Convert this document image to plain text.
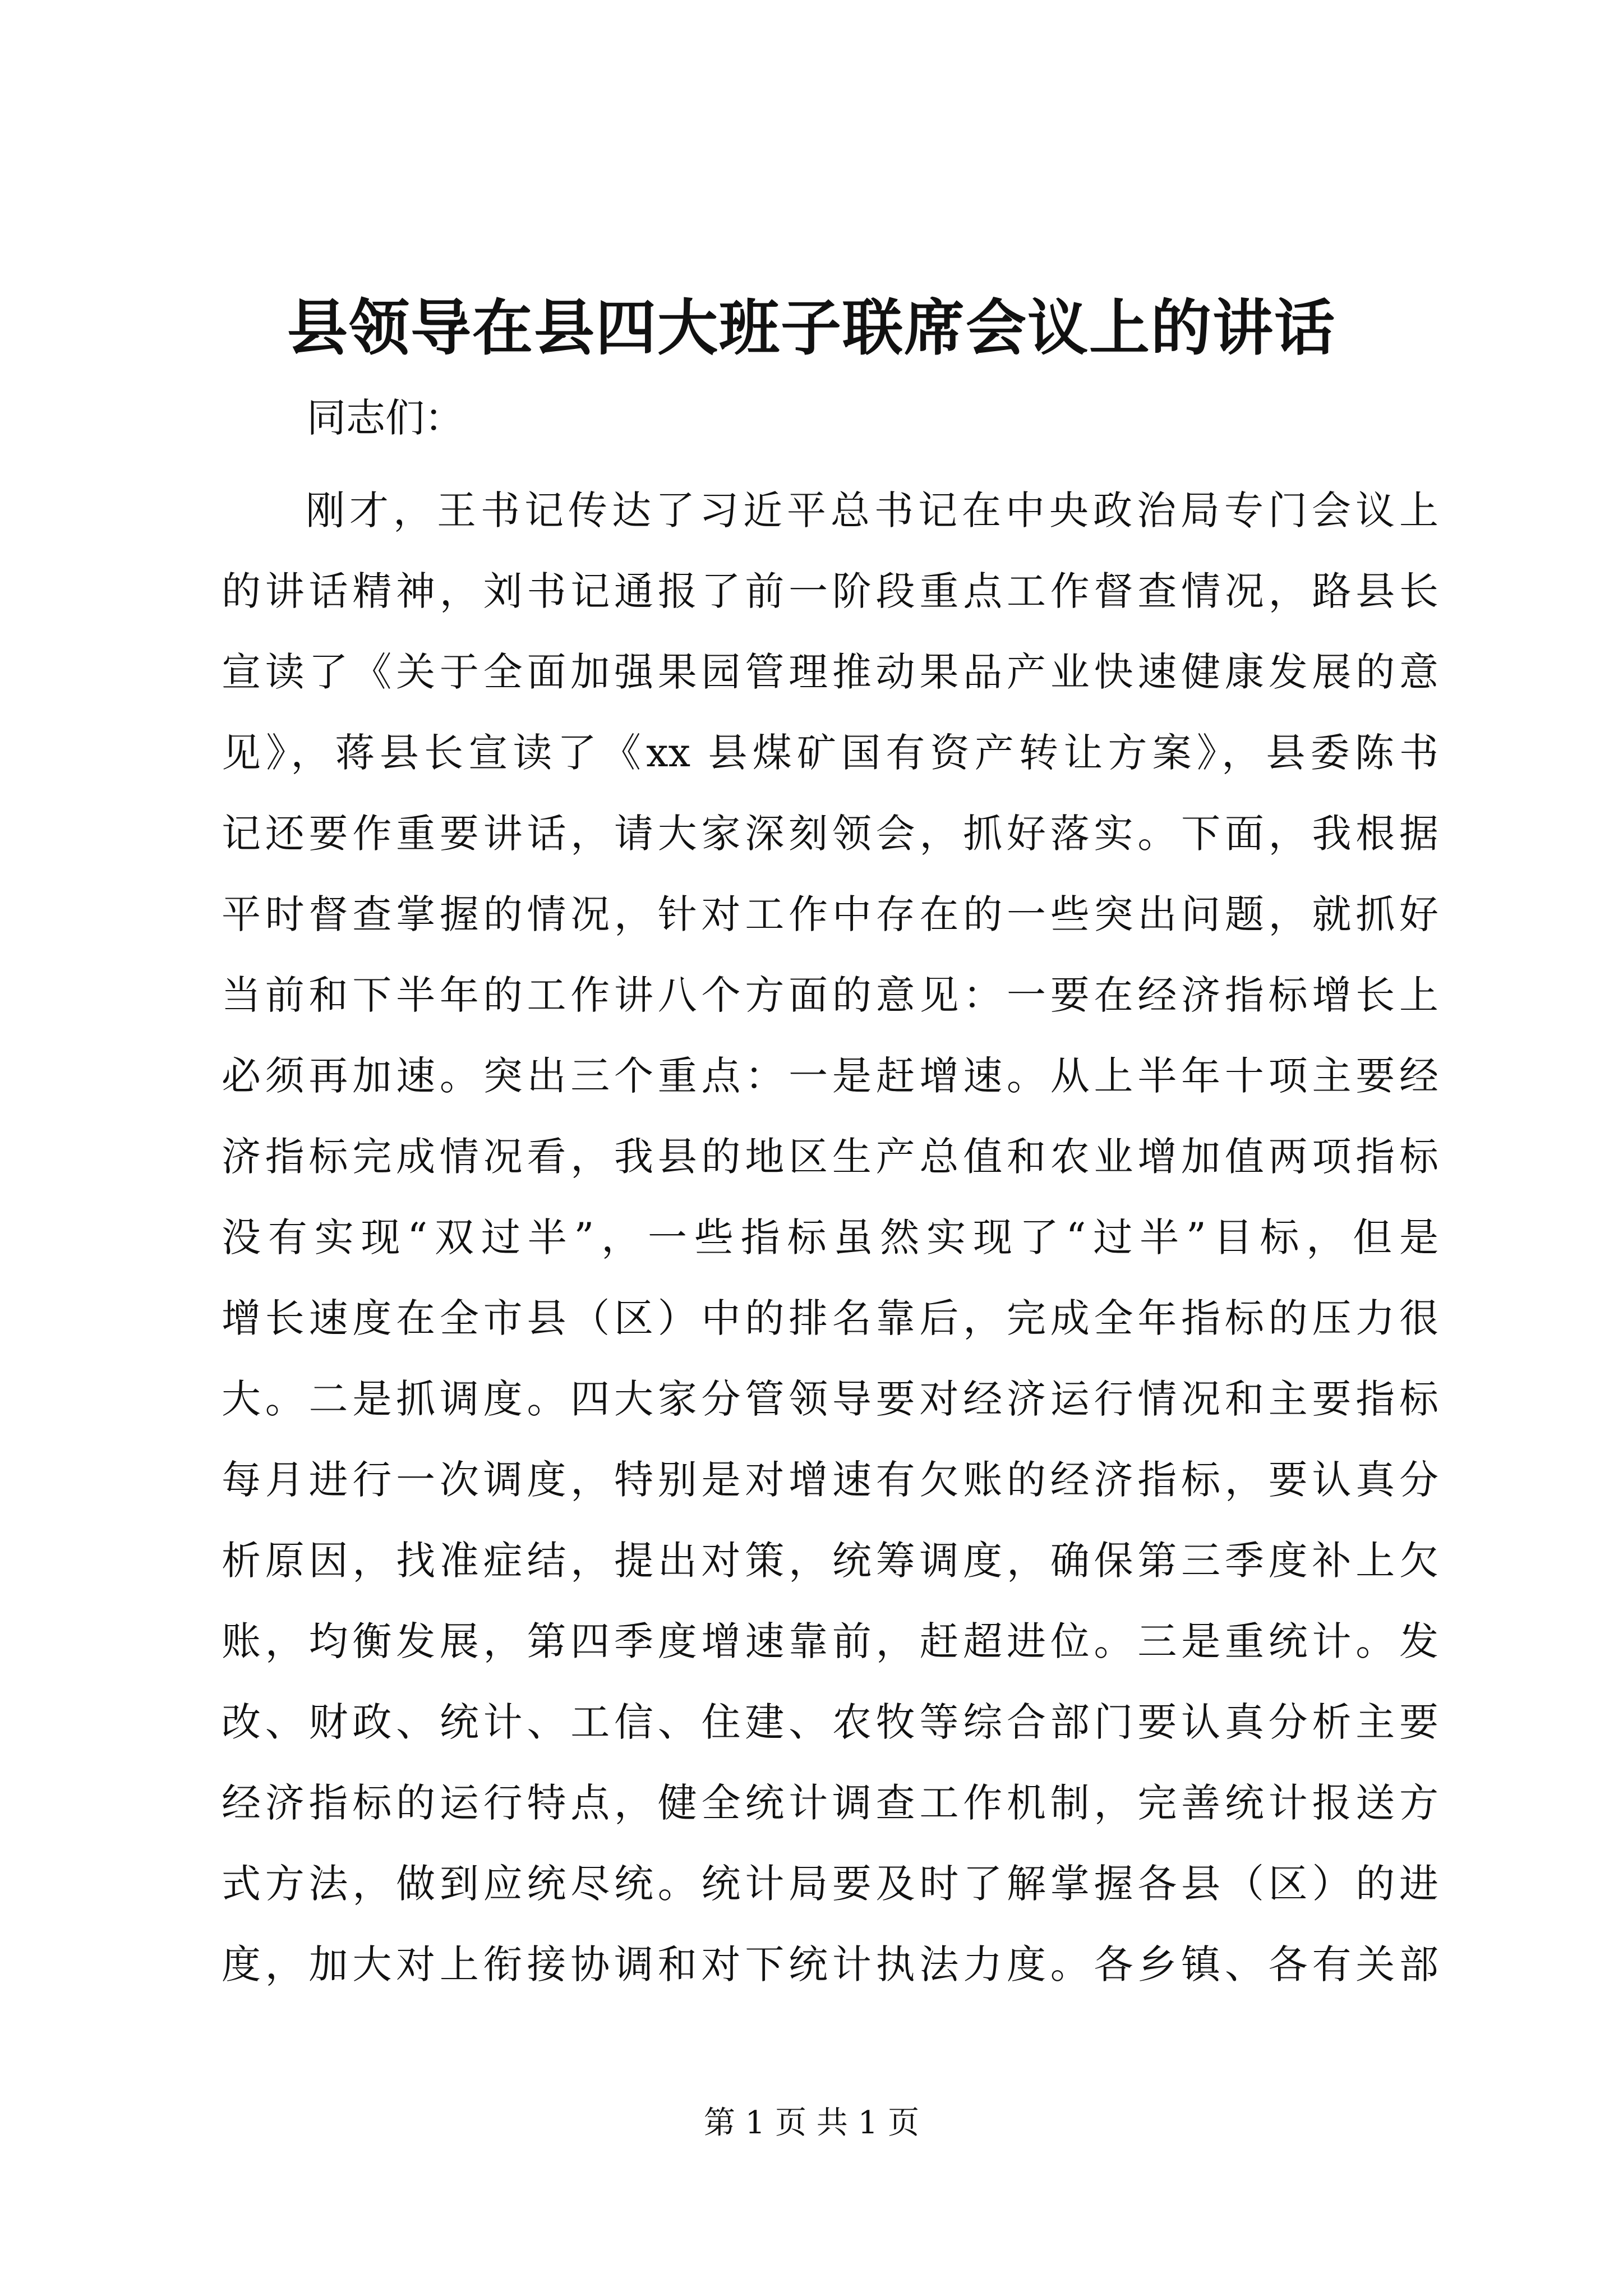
县领导在县四大班子联席会议上的讲话
同志们：
刚才，王书记传达了习近平总书记在中央政治局专门会议上
的讲话精神，刘书记通报了前一阶段重点工作督查情况，路县长
宣读了《关于全面加强果园管理推动果品产业快速健康发展的意
见》，蒋县长宣读了《xx 县煤矿国有资产转让方案》，县委陈书
记还要作重要讲话，请大家深刻领会，抓好落实。下面，我根据
平时督查掌握的情况，针对工作中存在的一些突出问题，就抓好
当前和下半年的工作讲八个方面的意见：一要在经济指标增长上
必须再加速。突出三个重点：一是赶增速。从上半年十项主要经
济指标完成情况看，我县的地区生产总值和农业增加值两项指标
没有实现“双过半”，一些指标虽然实现了“过半”目标，但是
增长速度在全市县（区）中的排名靠后，完成全年指标的压力很
大。二是抓调度。四大家分管领导要对经济运行情况和主要指标
每月进行一次调度，特别是对增速有欠账的经济指标，要认真分
析原因，找准症结，提出对策，统筹调度，确保第三季度补上欠
账，均衡发展，第四季度增速靠前，赶超进位。三是重统计。发
改、财政、统计、工信、住建、农牧等综合部门要认真分析主要
经济指标的运行特点，健全统计调查工作机制，完善统计报送方
式方法，做到应统尽统。统计局要及时了解掌握各县（区）的进
度，加大对上衔接协调和对下统计执法力度。各乡镇、各有关部
第 1 页 共 1 页
